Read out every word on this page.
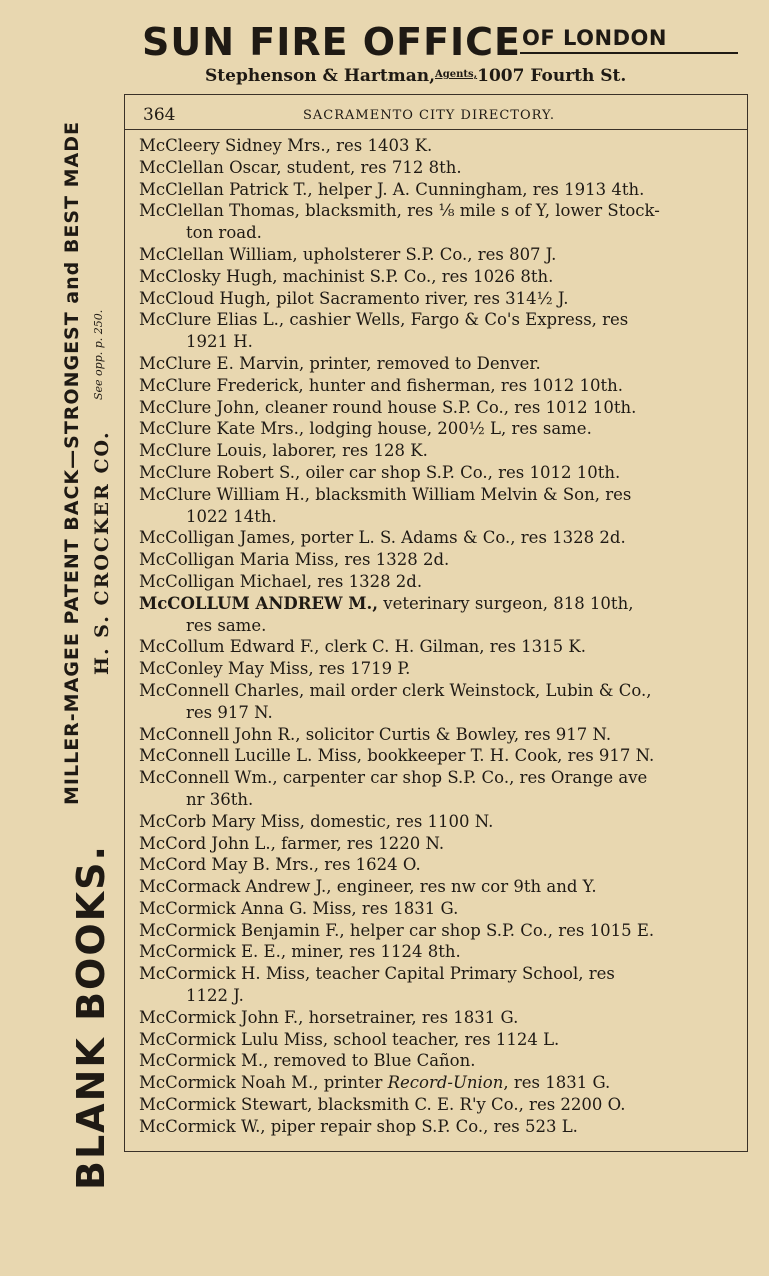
SUN FIRE OFFICE OF LONDON
Stephenson & Hartman,$^{Agents,}$1007 Fourth St.
BLANK BOOKS.
MILLER-MAGEE PATENT BACK—STRONGEST and BEST MADE H. S. CROCKER CO.
See opp. p. 250.
364	SACRAMENTO CITY DIRECTORY.
McCleery Sidney Mrs., res 1403 K.
McClellan Oscar, student, res 712 8th.
McClellan Patrick T., helper J. A. Cunningham, res 1913 4th.
McClellan Thomas, blacksmith, res ⅛ mile s of Y, lower Stock-
ton road.
McClellan William, upholsterer S.P. Co., res 807 J.
McClosky Hugh, machinist S.P. Co., res 1026 8th.
McCloud Hugh, pilot Sacramento river, res 314½ J.
McClure Elias L., cashier Wells, Fargo & Co's Express, res
1921 H.
McClure E. Marvin, printer, removed to Denver.
McClure Frederick, hunter and fisherman, res 1012 10th.
McClure John, cleaner round house S.P. Co., res 1012 10th.
McClure Kate Mrs., lodging house, 200½ L, res same.
McClure Louis, laborer, res 128 K.
McClure Robert S., oiler car shop S.P. Co., res 1012 10th.
McClure William H., blacksmith William Melvin & Son, res
1022 14th.
McColligan James, porter L. S. Adams & Co., res 1328 2d.
McColligan Maria Miss, res 1328 2d.
McColligan Michael, res 1328 2d.
McCOLLUM ANDREW M., veterinary surgeon, 818 10th,
res same.
McCollum Edward F., clerk C. H. Gilman, res 1315 K.
McConley May Miss, res 1719 P.
McConnell Charles, mail order clerk Weinstock, Lubin & Co.,
res 917 N.
McConnell John R., solicitor Curtis & Bowley, res 917 N.
McConnell Lucille L. Miss, bookkeeper T. H. Cook, res 917 N.
McConnell Wm., carpenter car shop S.P. Co., res Orange ave
nr 36th.
McCorb Mary Miss, domestic, res 1100 N.
McCord John L., farmer, res 1220 N.
McCord May B. Mrs., res 1624 O.
McCormack Andrew J., engineer, res nw cor 9th and Y.
McCormick Anna G. Miss, res 1831 G.
McCormick Benjamin F., helper car shop S.P. Co., res 1015 E.
McCormick E. E., miner, res 1124 8th.
McCormick H. Miss, teacher Capital Primary School, res
1122 J.
McCormick John F., horsetrainer, res 1831 G.
McCormick Lulu Miss, school teacher, res 1124 L.
McCormick M., removed to Blue Cañon.
McCormick Noah M., printer Record-Union, res 1831 G.
McCormick Stewart, blacksmith C. E. R'y Co., res 2200 O.
McCormick W., piper repair shop S.P. Co., res 523 L.
